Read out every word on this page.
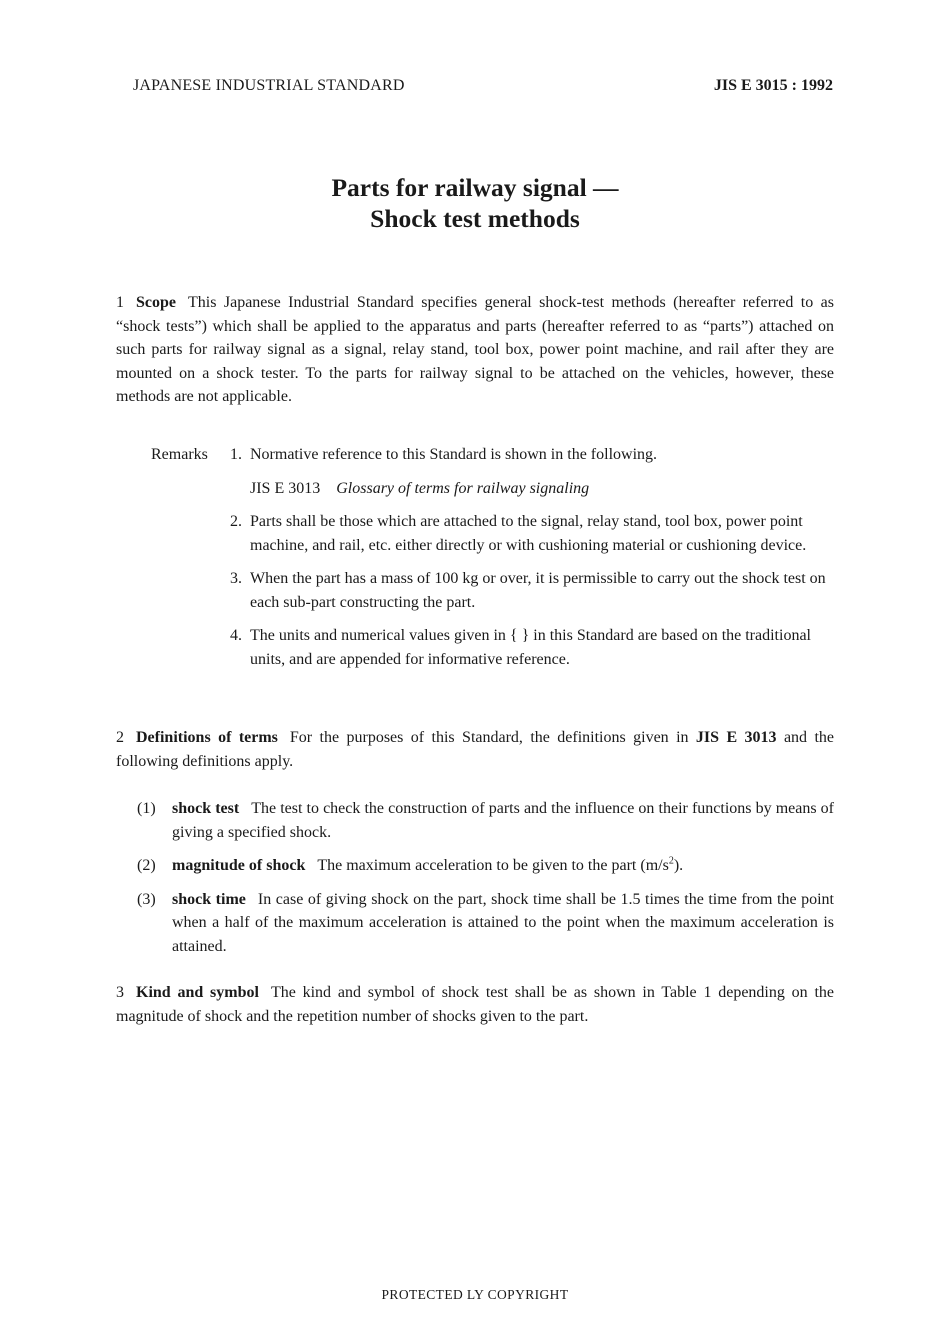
JAPANESE INDUSTRIAL STANDARD	JIS E 3015 : 1992
Parts for railway signal —
Shock test methods
1 Scope This Japanese Industrial Standard specifies general shock-test methods (hereafter referred to as “shock tests”) which shall be applied to the apparatus and parts (hereafter referred to as “parts”) attached on such parts for railway signal as a signal, relay stand, tool box, power point machine, and rail after they are mounted on a shock tester. To the parts for railway signal to be attached on the vehicles, however, these methods are not applicable.
Remarks 1. Normative reference to this Standard is shown in the following.
JIS E 3013 Glossary of terms for railway signaling
2. Parts shall be those which are attached to the signal, relay stand, tool box, power point machine, and rail, etc. either directly or with cushioning material or cushioning device.
3. When the part has a mass of 100 kg or over, it is permissible to carry out the shock test on each sub-part constructing the part.
4. The units and numerical values given in { } in this Standard are based on the traditional units, and are appended for informative reference.
2 Definitions of terms For the purposes of this Standard, the definitions given in JIS E 3013 and the following definitions apply.
(1) shock test The test to check the construction of parts and the influence on their functions by means of giving a specified shock.
(2) magnitude of shock The maximum acceleration to be given to the part $(m/s^2)$.
(3) shock time In case of giving shock on the part, shock time shall be 1.5 times the time from the point when a half of the maximum acceleration is attained to the point when the maximum acceleration is attained.
3 Kind and symbol The kind and symbol of shock test shall be as shown in Table 1 depending on the magnitude of shock and the repetition number of shocks given to the part.
PROTECTED LY COPYRIGHT
